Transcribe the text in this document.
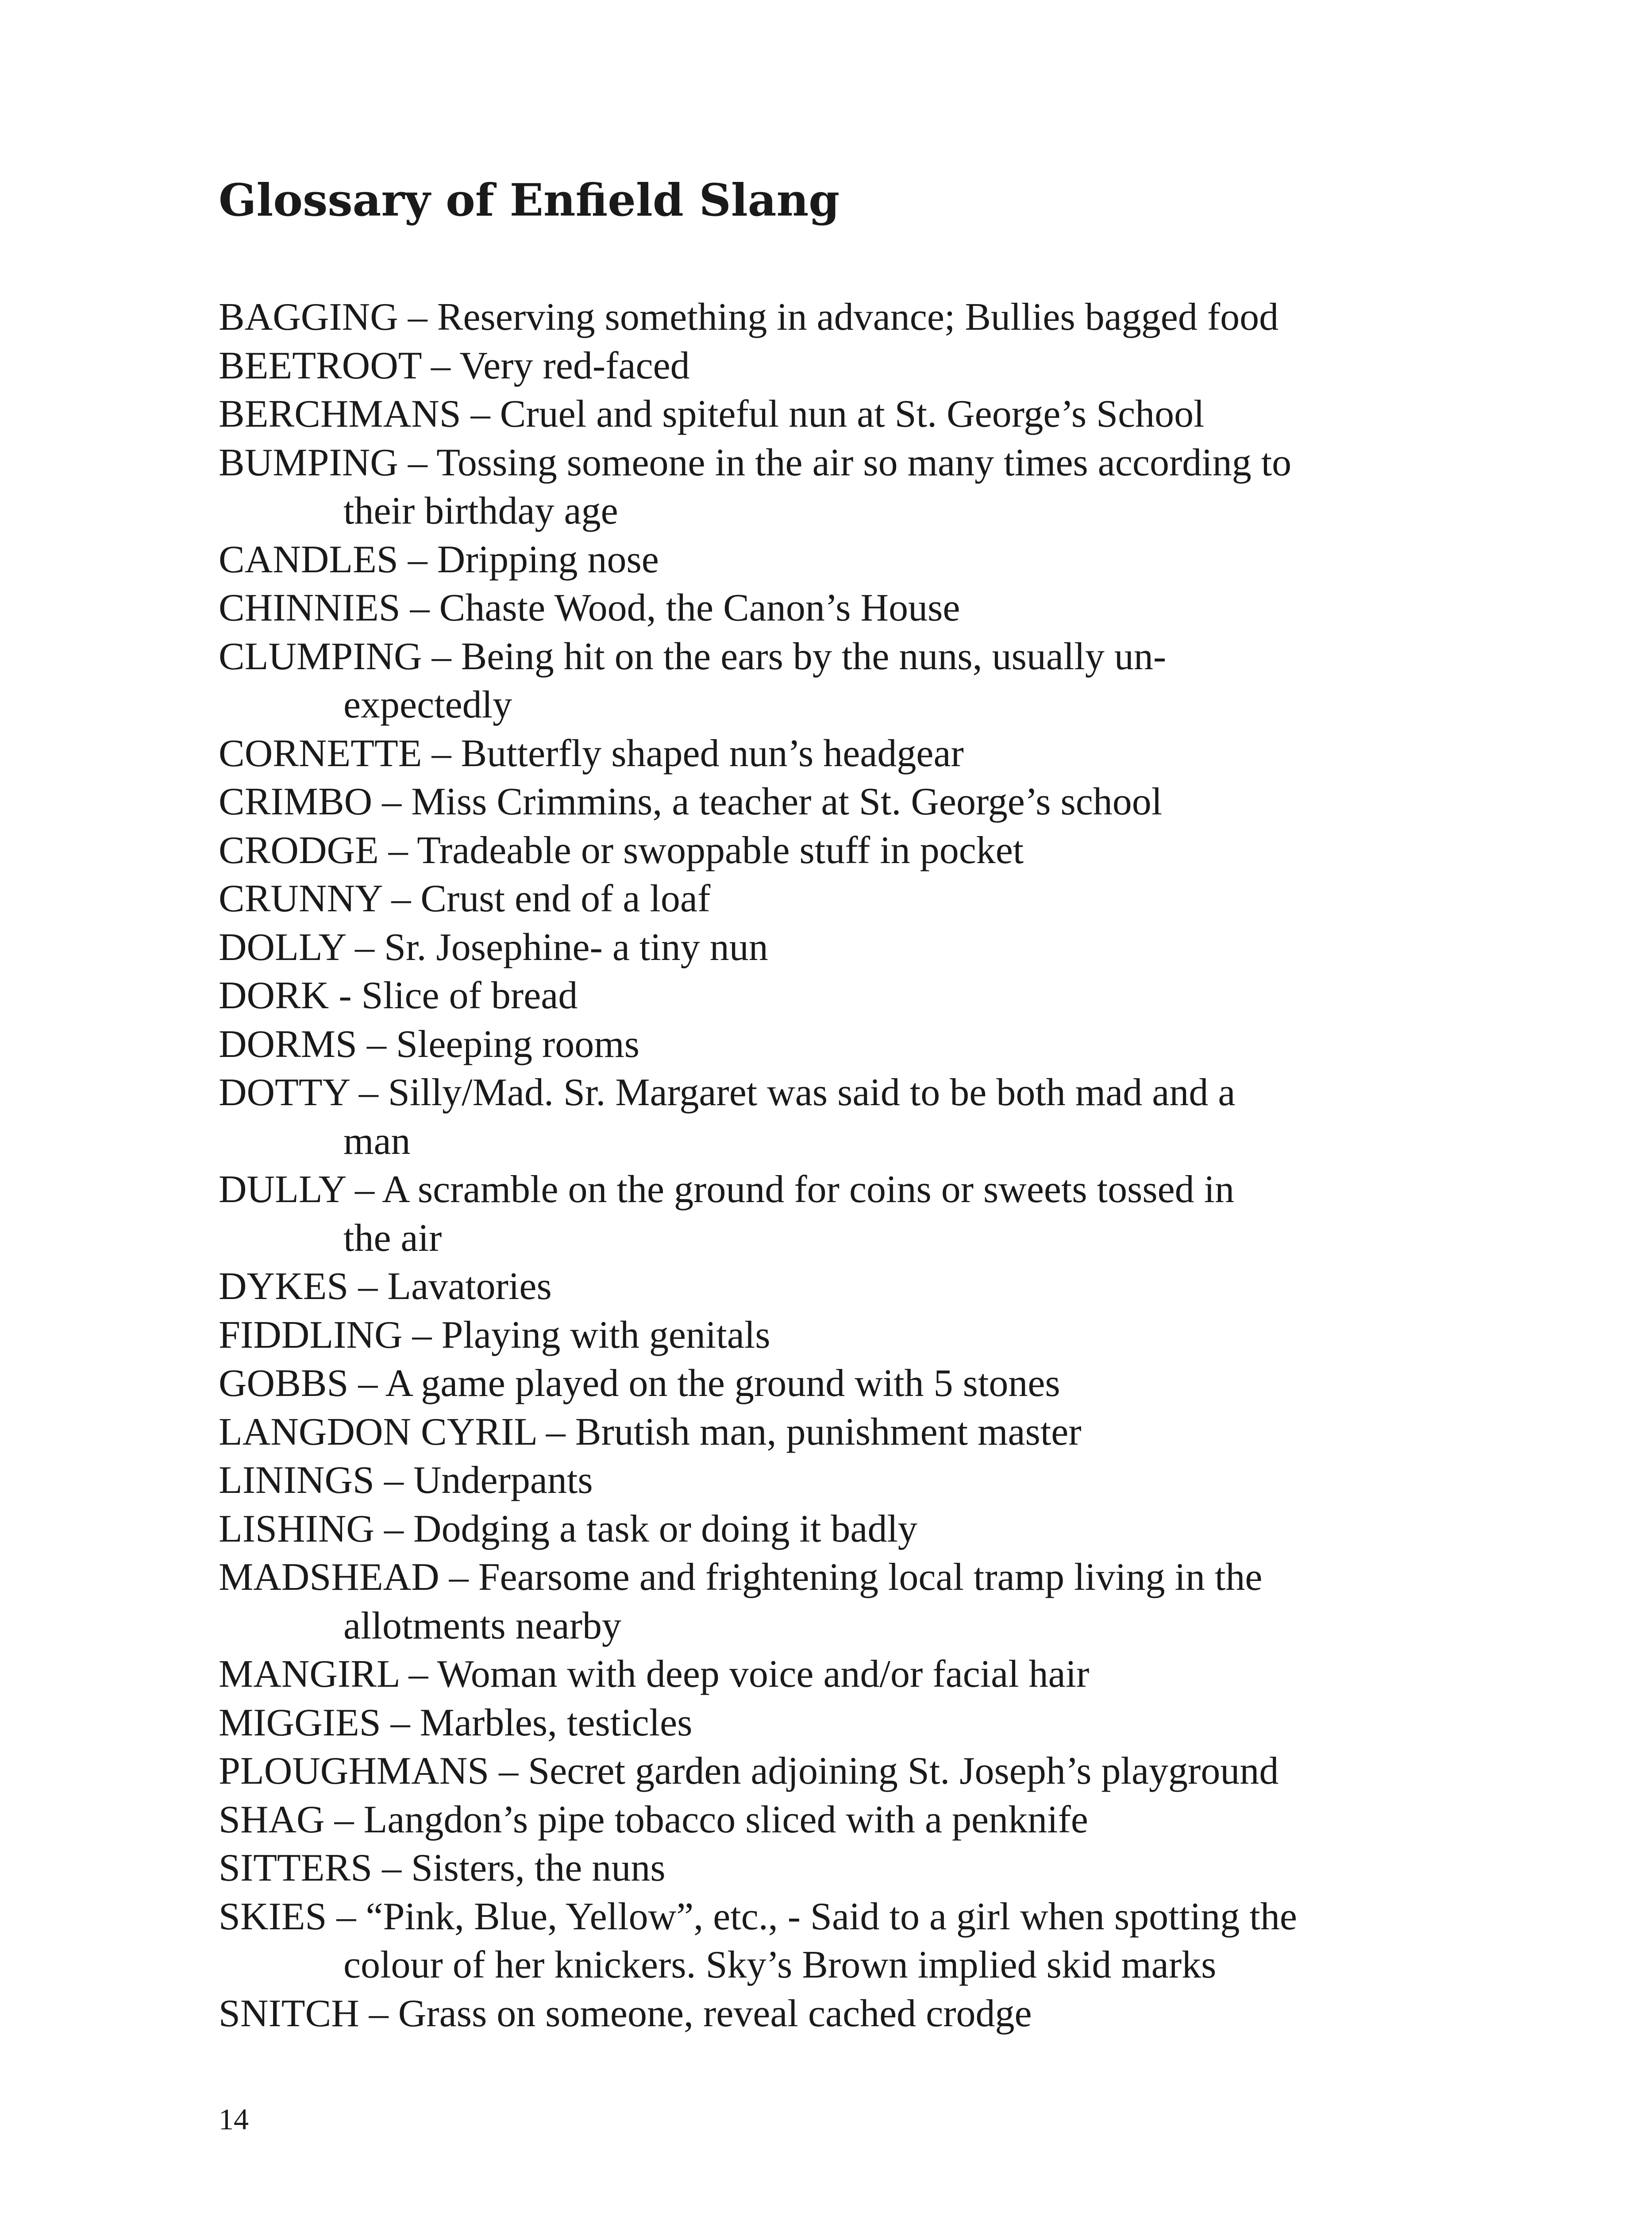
Glossary of Enfield Slang
BAGGING – Reserving something in advance; Bullies bagged food
BEETROOT – Very red-faced
BERCHMANS – Cruel and spiteful nun at St. George’s School
BUMPING – Tossing someone in the air so many times according to
their birthday age
CANDLES – Dripping nose
CHINNIES – Chaste Wood, the Canon’s House
CLUMPING – Being hit on the ears by the nuns, usually un-
expectedly
CORNETTE – Butterfly shaped nun’s headgear
CRIMBO – Miss Crimmins, a teacher at St. George’s school
CRODGE – Tradeable or swoppable stuff in pocket
CRUNNY – Crust end of a loaf
DOLLY – Sr. Josephine- a tiny nun
DORK - Slice of bread
DORMS – Sleeping rooms
DOTTY – Silly/Mad. Sr. Margaret was said to be both mad and a
man
DULLY – A scramble on the ground for coins or sweets tossed in
the air
DYKES – Lavatories
FIDDLING – Playing with genitals
GOBBS – A game played on the ground with 5 stones
LANGDON CYRIL – Brutish man, punishment master
LININGS – Underpants
LISHING – Dodging a task or doing it badly
MADSHEAD – Fearsome and frightening local tramp living in the
allotments nearby
MANGIRL – Woman with deep voice and/or facial hair
MIGGIES – Marbles, testicles
PLOUGHMANS – Secret garden adjoining St. Joseph’s playground
SHAG – Langdon’s pipe tobacco sliced with a penknife
SITTERS – Sisters, the nuns
SKIES – “Pink, Blue, Yellow”, etc., - Said to a girl when spotting the
colour of her knickers. Sky’s Brown implied skid marks
SNITCH – Grass on someone, reveal cached crodge
14
